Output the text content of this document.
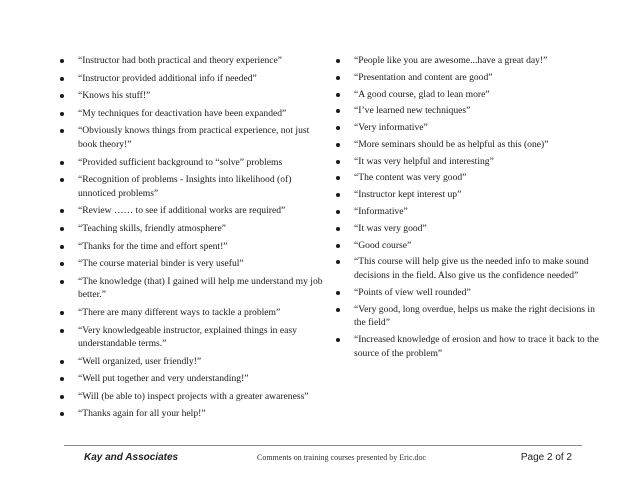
“Instructor had both practical and theory experience”
“Instructor provided additional info if needed”
“Knows his stuff!”
“My techniques for deactivation have been expanded”
“Obviously knows things from practical experience, not just book theory!”
“Provided sufficient background to “solve” problems
“Recognition of problems - Insights into likelihood (of) unnoticed problems”
“Review …… to see if additional works are required”
“Teaching skills, friendly atmosphere”
“Thanks for the time and effort spent!”
“The course material binder is very useful”
“The knowledge (that) I gained will help me understand my job better.”
“There are many different ways to tackle a problem”
“Very knowledgeable instructor, explained things in easy understandable terms.”
“Well organized, user friendly!”
“Well put together and very understanding!”
“Will (be able to) inspect projects with a greater awareness”
“Thanks again for all your help!”
“People like you are awesome...have a great day!”
“Presentation and content are good”
“A good course, glad to lean more”
“I’ve learned new techniques”
“Very informative”
“More seminars should be as helpful as this (one)”
“It was very helpful and interesting”
“The content was very good”
“Instructor kept interest up”
“Informative”
“It was very good”
“Good course”
“This course will help give us the needed info to make sound decisions in the field. Also give us the confidence needed”
“Points of view well rounded”
“Very good, long overdue, helps us make the right decisions in the field”
“Increased knowledge of erosion and how to trace it back to the source of the problem”
Kay and Associates	Comments on training courses presented by Eric.doc	Page 2 of 2
